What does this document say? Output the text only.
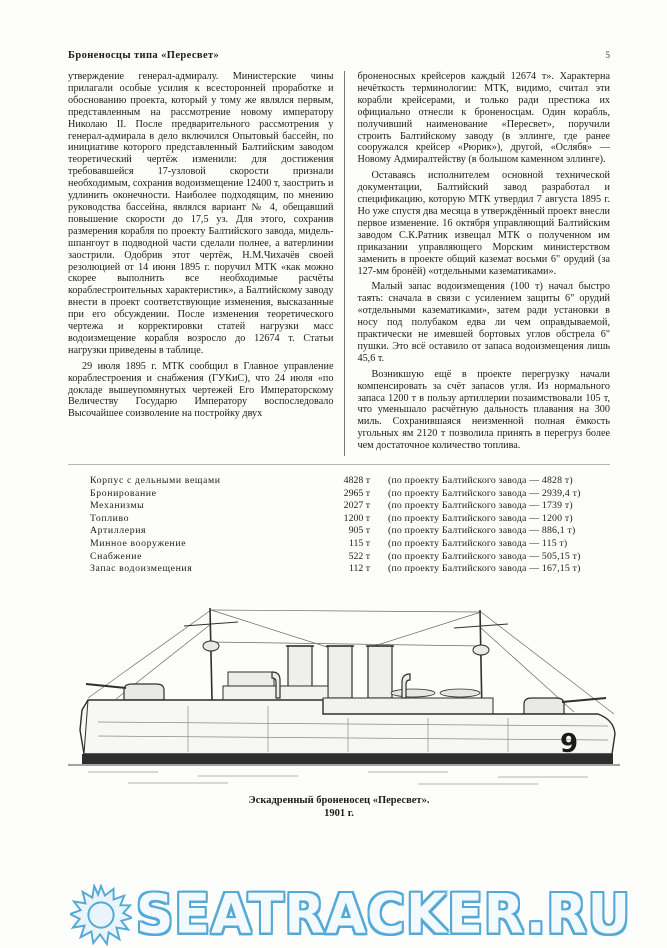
Броненосцы типа «Пересвет»	5

утверждение генерал-адмиралу. Министерские чины прилагали особые усилия к всесторонней проработке и обоснованию проекта, который у тому же являлся первым, представленным на рассмотрение новому императору Николаю II. После предварительного рассмотрения у генерал-адмирала в дело включился Опытовый бассейн, по инициативе которого представленный Балтийским заводом теоретический чертёж изменили: для достижения требовавшейся 17-узловой скорости признали необходимым, сохранив водоизмещение 12400 т, заострить и удлинить оконечности. Наиболее подходящим, по мнению руководства бассейна, являлся вариант № 4, обещавший повышение скорости до 17,5 уз. Для этого, сохранив размерения корабля по проекту Балтийского завода, мидель-шпангоут в подводной части сделали полнее, а ватерлинии заострили. Одобрив этот чертёж, Н.М.Чихачёв своей резолюцией от 14 июня 1895 г. поручил МТК «как можно скорее выполнить все необходимые расчёты кораблестроительных характеристик», а Балтийскому заводу внести в проект соответствующие изменения, высказанные при его обсуждении. После изменения теоретического чертежа и корректировки статей нагрузки масс водоизмещение корабля возросло до 12674 т. Статьи нагрузки приведены в таблице.

29 июля 1895 г. МТК сообщил в Главное управление кораблестроения и снабжения (ГУКиС), что 24 июля «по докладе вышеупомянутых чертежей Его Императорскому Величеству Государю Императору воспоследовало Высочайшее соизволение на постройку двух

броненосных крейсеров каждый 12674 т». Характерна нечёткость терминологии: МТК, видимо, считал эти корабли крейсерами, и только ради престижа их официально отнесли к броненосцам. Один корабль, получивший наименование «Пересвет», поручили строить Балтийскому заводу (в эллинге, где ранее сооружался крейсер «Рюрик»), другой, «Ослябя» — Новому Адмиралтейству (в большом каменном эллинге).

Оставаясь исполнителем основной технической документации, Балтийский завод разработал и спецификацию, которую МТК утвердил 7 августа 1895 г. Но уже спустя два месяца в утверждённый проект внесли первое изменение. 16 октября управляющий Балтийским заводом С.К.Ратник извещал МТК о полученном им приказании управляющего Морским министерством заменить в проекте общий каземат восьми 6" орудий (за 127-мм бронёй) «отдельными казематиками».

Малый запас водоизмещения (100 т) начал быстро таять: сначала в связи с усилением защиты 6" орудий «отдельными казематиками», затем ради установки в носу под полубаком едва ли чем оправдываемой, практически не имевшей бортовых углов обстрела 6" пушки. Это всё оставило от запаса водоизмещения лишь 45,6 т.

Возникшую ещё в проекте перегрузку начали компенсировать за счёт запасов угля. Из нормального запаса 1200 т в пользу артиллерии позаимствовали 105 т, что уменьшало расчётную дальность плавания на 300 миль. Сохранившаяся неизменной полная ёмкость угольных ям 2120 т позволила принять в перегруз более чем достаточное количество топлива.

Корпус с дельными вещами	4828 т	(по проекту Балтийского завода — 4828 т)
Бронирование	2965 т	(по проекту Балтийского завода — 2939,4 т)
Механизмы	2027 т	(по проекту Балтийского завода — 1739 т)
Топливо	1200 т	(по проекту Балтийского завода — 1200 т)
Артиллерия	905 т	(по проекту Балтийского завода — 886,1 т)
Минное вооружение	115 т	(по проекту Балтийского завода — 115 т)
Снабжение	522 т	(по проекту Балтийского завода — 505,15 т)
Запас водоизмещения	112 т	(по проекту Балтийского завода — 167,15 т)
9
Эскадренный броненосец «Пересвет».
1901 г.
SEATRACKER.RU
